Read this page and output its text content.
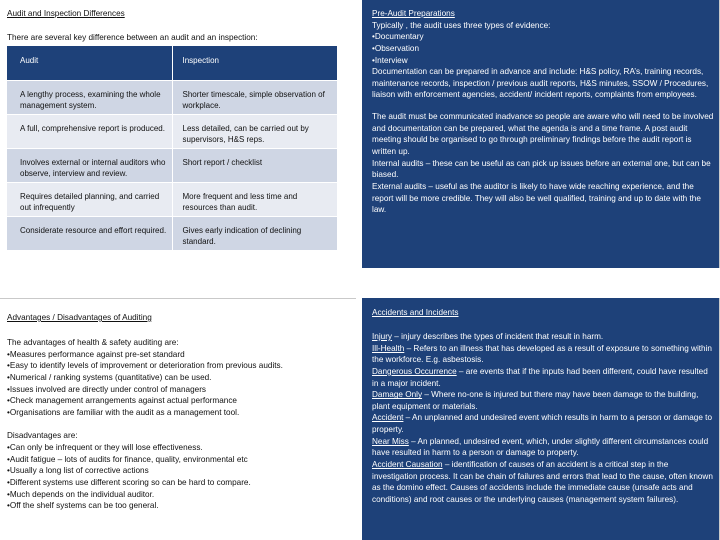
Audit and Inspection Differences
There are several key difference between an audit and an inspection:
Audit	Inspection
A lengthy process, examining the whole management system.	Shorter timescale, simple observation of workplace.
A full, comprehensive report is produced.	Less detailed, can be carried out by supervisors, H&S reps.
Involves external or internal auditors who observe, interview and review.	Short report / checklist
Requires detailed planning, and carried out infrequently	More frequent and less time and resources than audit.
Considerate resource and effort required.	Gives early indication of declining standard.
Pre-Audit Preparations

Typically , the audit uses three types of evidence:

•Documentary

•Observation

•Interview

Documentation can be prepared in advance and include: H&S policy, RA’s, training records, maintenance records, inspection / previous audit reports, H&S minutes, SSOW / Procedures, liaison with enforcement agencies, accident/ incident reports, complaints from employees.

The audit must be communicated inadvance so people are aware who will need to be involved and documentation can be prepared, what the agenda is and a time frame. A post audit meeting should be organised to go through preliminary findings before the audit report is written up.

Internal audits – these can be useful as can pick up issues before an external one, but can be biased.

External audits – useful as the auditor is likely to have wide reaching experience, and the report will be more credible. They will also be well qualified, training and up to date with the law.

Advantages / Disadvantages of Auditing

The advantages of health & safety auditing are:

•Measures performance against pre-set standard

•Easy to identify levels of improvement or deterioration from previous audits.

•Numerical / ranking systems (quantitative) can be used.

•Issues involved are directly under control of managers

•Check management arrangements against actual performance

•Organisations are familiar with the audit as a management tool.

Disadvantages are:

•Can only be infrequent or they will lose effectiveness.

•Audit fatigue – lots of audits for finance, quality, environmental etc

•Usually a long list of corrective actions

•Different systems use different scoring so can be hard to compare.

•Much depends on the individual auditor.

•Off the shelf systems can be too general.

Accidents and Incidents

Injury – injury describes the types of incident that result in harm.

Ill-Health – Refers to an illness that has developed as a result of exposure to something within the workforce. E.g. asbestosis.

Dangerous Occurrence – are events that if the inputs had been different, could have resulted in a major incident.

Damage Only – Where no-one is injured but there may have been damage to the building, plant equipment or materials.

Accident – An unplanned and undesired event which results in harm to a person or damage to property.

Near Miss – An planned, undesired event, which, under slightly different circumstances could have resulted in harm to a person or damage to property.

Accident Causation – identification of causes of an accident is a critical step in the investigation process. It can be chain of failures and errors that lead to the cause, often known as the domino effect. Causes of accidents include the immediate cause (unsafe acts and conditions) and root causes or the underlying causes (management system failures).
